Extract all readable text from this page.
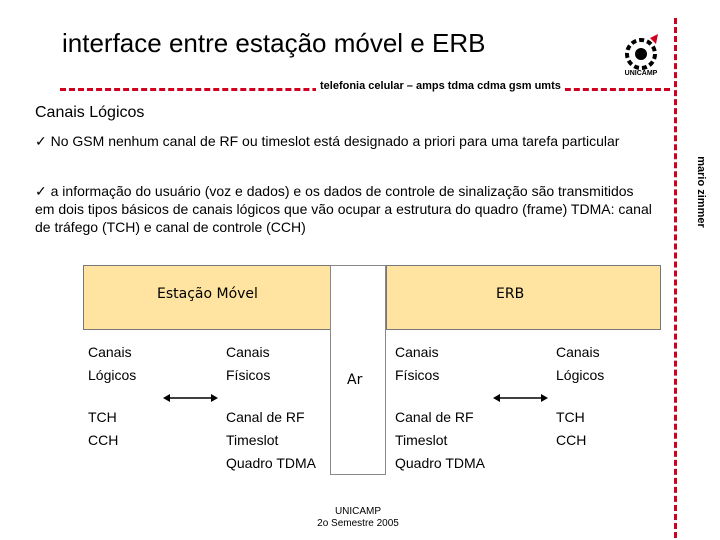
interface entre estação móvel e ERB
telefonia celular – amps tdma cdma gsm umts
mario zimmer
UNICAMP
Canais Lógicos
✓ No GSM nenhum canal de RF ou timeslot está designado a priori para uma tarefa particular
✓ a informação do usuário (voz e dados) e os dados de controle de sinalização são transmitidos em dois tipos básicos de canais lógicos que vão ocupar a estrutura do quadro (frame) TDMA: canal de tráfego (TCH) e canal de controle (CCH)
Estação Móvel	ERB
Canais
Lógicos
TCH
CCH
Canais
Físicos
Canal de RF
Timeslot
Quadro TDMA
Canais
Físicos
Canal de RF
Timeslot
Quadro TDMA
Canais
Lógicos
TCH
CCH
Ar
UNICAMP
2o Semestre 2005
